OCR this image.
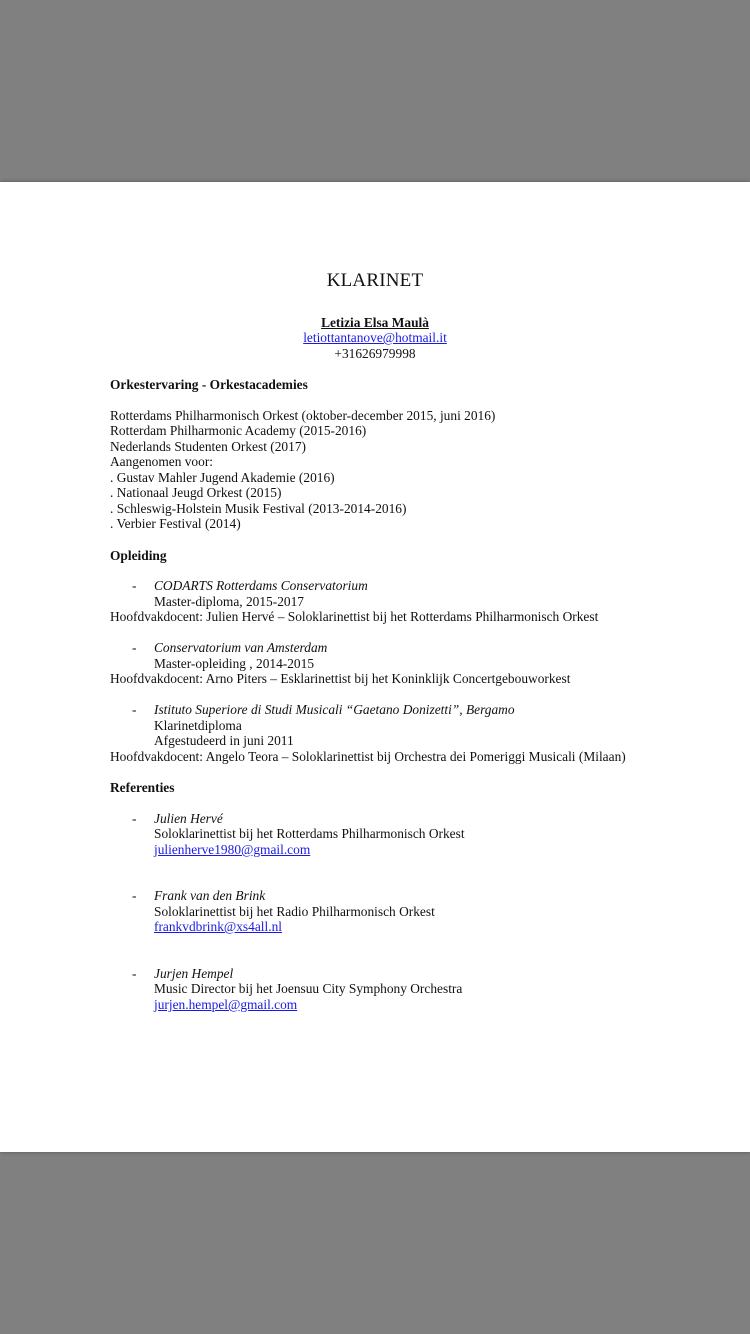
KLARINET
Letizia Elsa Maulà
letiottantanove@hotmail.it
+31626979998
Orkestervaring - Orkestacademies
Rotterdams Philharmonisch Orkest (oktober-december 2015, juni 2016)
Rotterdam Philharmonic Academy (2015-2016)
Nederlands Studenten Orkest (2017)
Aangenomen voor:
. Gustav Mahler Jugend Akademie (2016)
. Nationaal Jeugd Orkest (2015)
. Schleswig-Holstein Musik Festival (2013-2014-2016)
. Verbier Festival (2014)
Opleiding
- CODARTS Rotterdams Conservatorium
Master-diploma, 2015-2017
Hoofdvakdocent: Julien Hervé – Soloklarinettist bij het Rotterdams Philharmonisch Orkest
- Conservatorium van Amsterdam
Master-opleiding , 2014-2015
Hoofdvakdocent: Arno Piters – Esklarinettist bij het Koninklijk Concertgebouworkest
- Istituto Superiore di Studi Musicali “Gaetano Donizetti”, Bergamo
Klarinetdiploma
Afgestudeerd in juni 2011
Hoofdvakdocent: Angelo Teora – Soloklarinettist bij Orchestra dei Pomeriggi Musicali (Milaan)
Referenties
- Julien Hervé
Soloklarinettist bij het Rotterdams Philharmonisch Orkest
julienherve1980@gmail.com
- Frank van den Brink
Soloklarinettist bij het Radio Philharmonisch Orkest
frankvdbrink@xs4all.nl
- Jurjen Hempel
Music Director bij het Joensuu City Symphony Orchestra
jurjen.hempel@gmail.com
